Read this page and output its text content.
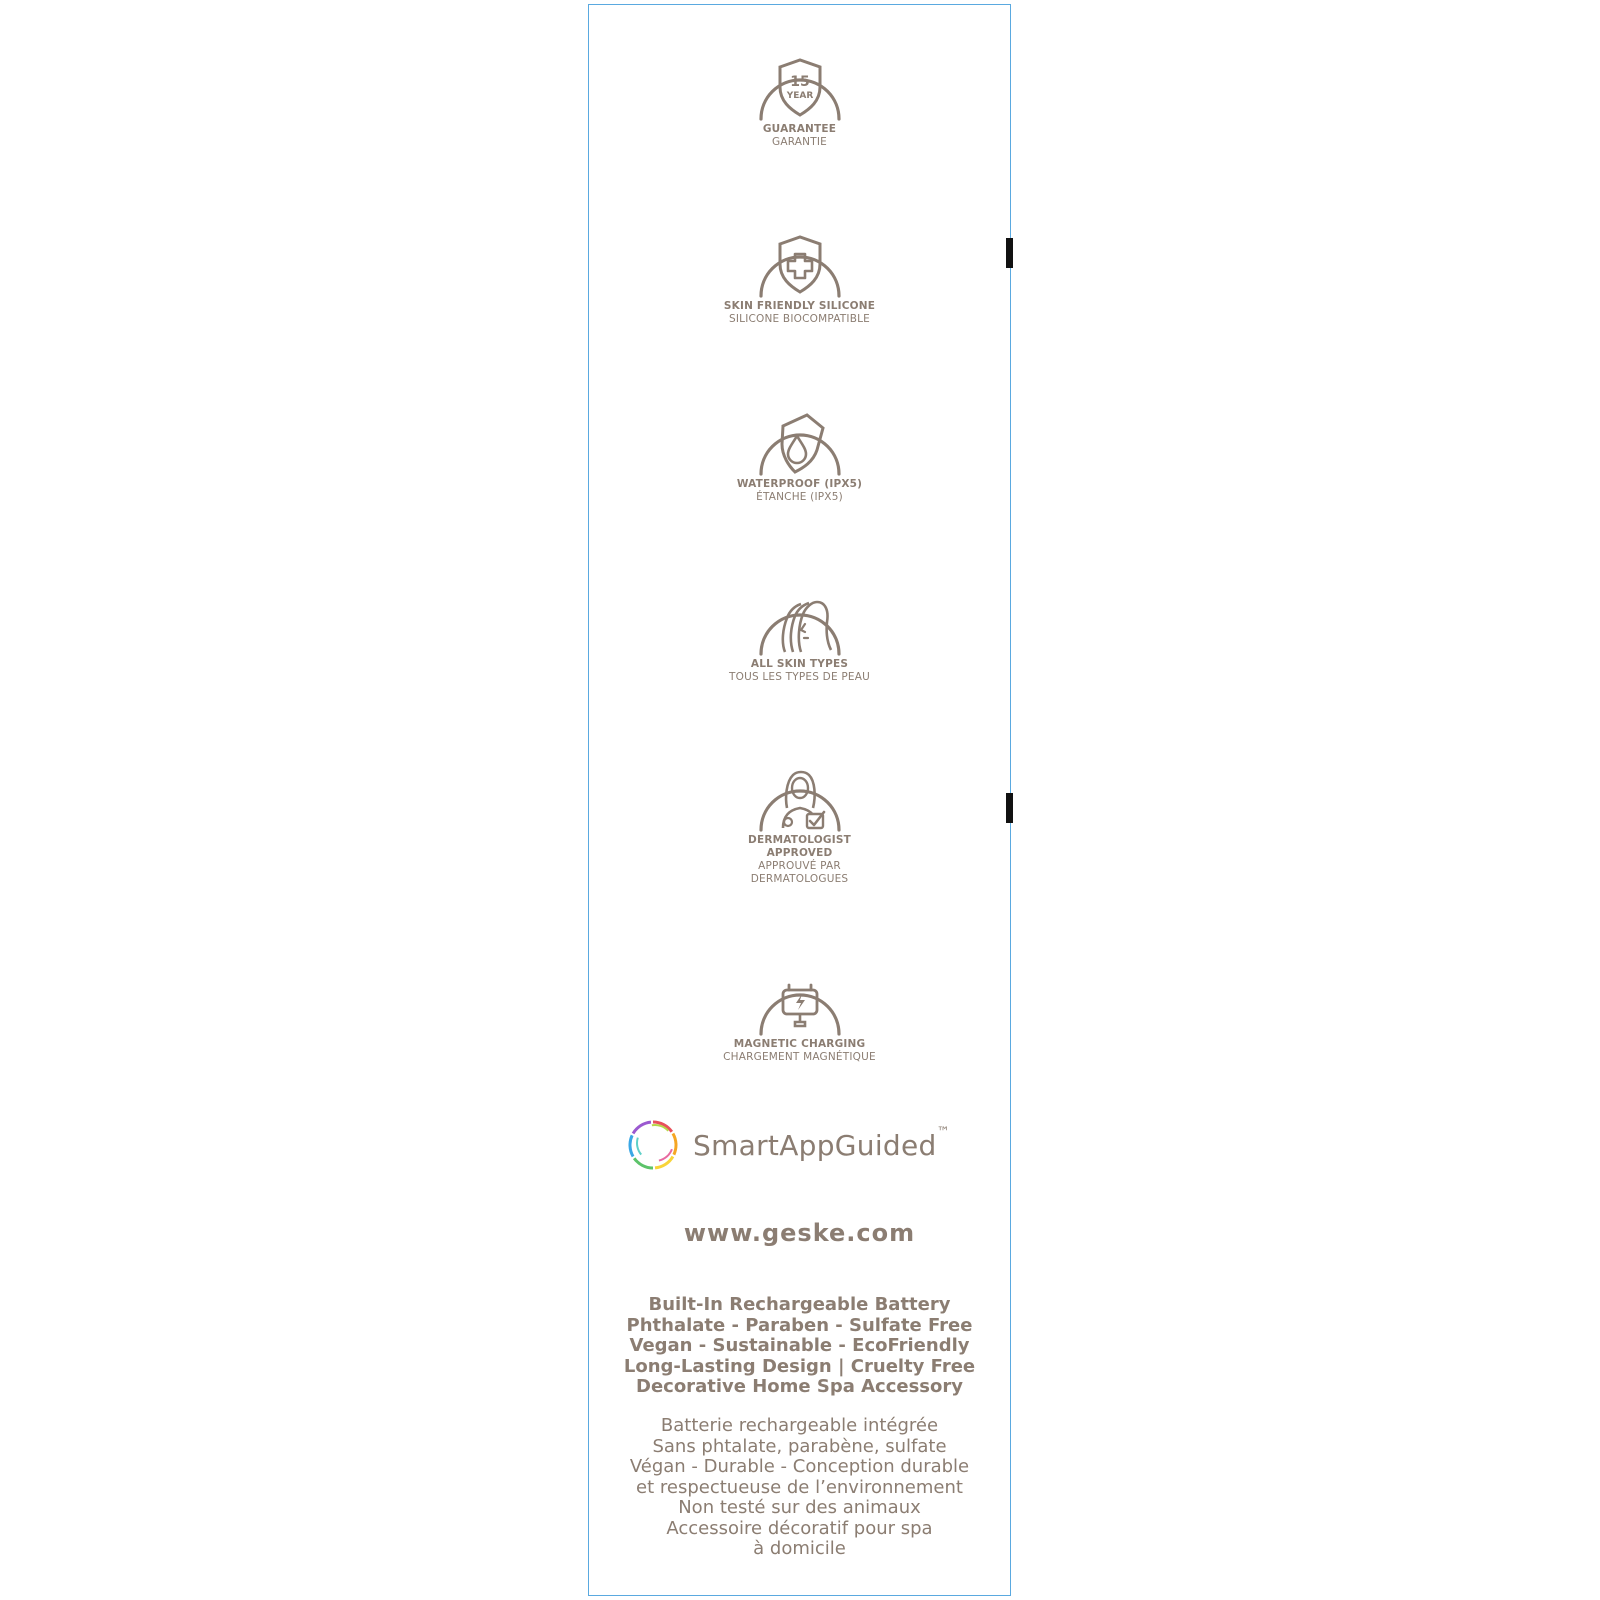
15
YEAR
GUARANTEE
GARANTIE
SKIN FRIENDLY SILICONE
SILICONE BIOCOMPATIBLE
WATERPROOF (IPX5)
ÉTANCHE (IPX5)
ALL SKIN TYPES
TOUS LES TYPES DE PEAU
DERMATOLOGIST
APPROVED
APPROUVÉ PAR
DERMATOLOGUES
MAGNETIC CHARGING
CHARGEMENT MAGNÉTIQUE
SmartAppGuided™
www.geske.com
Built-In Rechargeable Battery
Phthalate - Paraben - Sulfate Free
Vegan - Sustainable - EcoFriendly
Long-Lasting Design | Cruelty Free
Decorative Home Spa Accessory
Batterie rechargeable intégrée
Sans phtalate, parabène, sulfate
Végan - Durable - Conception durable
et respectueuse de l’environnement
Non testé sur des animaux
Accessoire décoratif pour spa
à domicile
